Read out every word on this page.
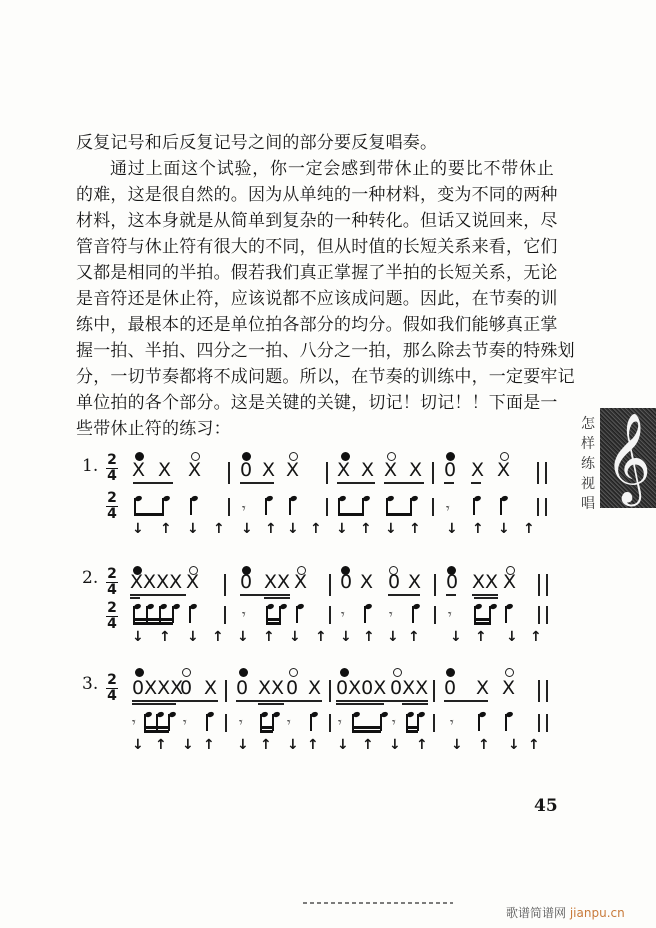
反复记号和后反复记号之间的部分要反复唱奏。
通过上面这个试验，你一定会感到带休止的要比不带休止
的难，这是很自然的。因为从单纯的一种材料，变为不同的两种
材料，这本身就是从简单到复杂的一种转化。但话又说回来，尽
管音符与休止符有很大的不同，但从时值的长短关系来看，它们
又都是相同的半拍。假若我们真正掌握了半拍的长短关系，无论
是音符还是休止符，应该说都不应该成问题。因此，在节奏的训
练中，最根本的还是单位拍各部分的均分。假如我们能够真正掌
握一拍、半拍、四分之一拍、八分之一拍，那么除去节奏的特殊划
分，一切节奏都将不成问题。所以，在节奏的训练中，一定要牢记
单位拍的各个部分。这是关键的关键，切记！切记！！下面是一
些带休止符的练习：	怎
样
练
视
唱
𝄞
1. 2
4
2
4
X X X 0 X X X X X X 0 X X
𝄾	𝄾
↓ ↑ ↓ ↑ ↓ ↑ ↓ ↑ ↓ ↑ ↓ ↑ ↓ ↑ ↓ ↑
2. 2
4
2
4
XXXX X 0 XX X 0 X 0 X 0 XX X
𝄾	𝄾	𝄾	𝄾
↓ ↑ ↓ ↑ ↓ ↑ ↓ ↑ ↓ ↑ ↓ ↑ ↓ ↑ ↓ ↑
3. 2
4 0XXX
0 X 0 XX 0 X 0X0X 0XX 0 X X
𝄾	𝄾	𝄾	𝄾	𝄾	𝄾	𝄾
↓ ↑ ↓ ↑ ↓ ↑ ↓ ↑ ↓ ↑ ↓ ↑ ↓ ↑ ↓ ↑
45
歌谱简谱网 jianpu.cn
